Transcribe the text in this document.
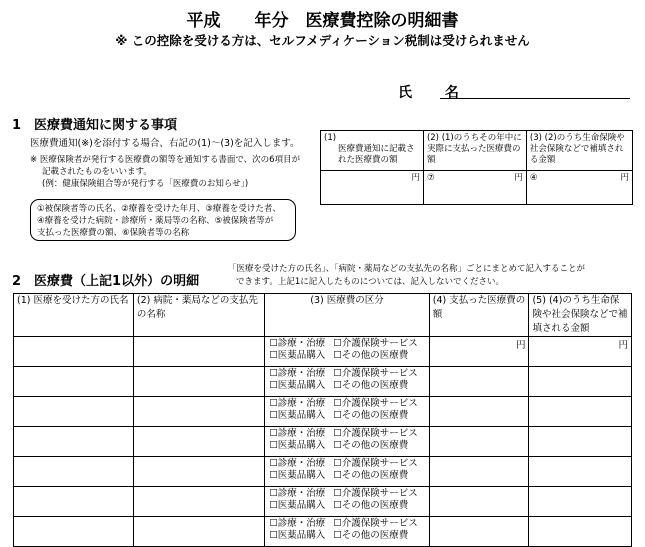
平成　　年分　医療費控除の明細書
※ この控除を受ける方は、セルフメディケーション税制は受けられません
氏 名
1　医療費通知に関する事項
医療費通知(※)を添付する場合、右記の(1)～(3)を記入します。
※ 医療保険者が発行する医療費の額等を通知する書面で、次の6項目が
記載されたものをいいます。
(例：健康保険組合等が発行する「医療費のお知らせ」)
①被保険者等の氏名、②療養を受けた年月、③療養を受けた者、
④療養を受けた病院・診療所・薬局等の名称、⑤被保険者等が
支払った医療費の額、⑥保険者等の名称
(1)
医療費通知に記載された医療費の額	(2) (1)のうちその年中に実際に支払った医療費の額	(3) (2)のうち生命保険や社会保険などで補填される金額

円	⑦ 円	④ 円
2　医療費（上記1以外）の明細
「医療を受けた方の氏名」、「病院・薬局などの支払先の名称」ごとにまとめて記入することが
できます。上記1に記入したものについては、記入しないでください。
(1) 医療を受けた方の氏名	(2) 病院・薬局などの支払先の名称	(3) 医療費の区分	(4) 支払った医療費の額	(5) (4)のうち生命保険や社会保険などで補填される金額

		☐診療・治療 ☐介護保険サービス
☐医薬品購入 ☐その他の医療費	円	円

		☐診療・治療 ☐介護保険サービス
☐医薬品購入 ☐その他の医療費		

		☐診療・治療 ☐介護保険サービス
☐医薬品購入 ☐その他の医療費		

		☐診療・治療 ☐介護保険サービス
☐医薬品購入 ☐その他の医療費		

		☐診療・治療 ☐介護保険サービス
☐医薬品購入 ☐その他の医療費		

		☐診療・治療 ☐介護保険サービス
☐医薬品購入 ☐その他の医療費		

		☐診療・治療 ☐介護保険サービス
☐医薬品購入 ☐その他の医療費		
